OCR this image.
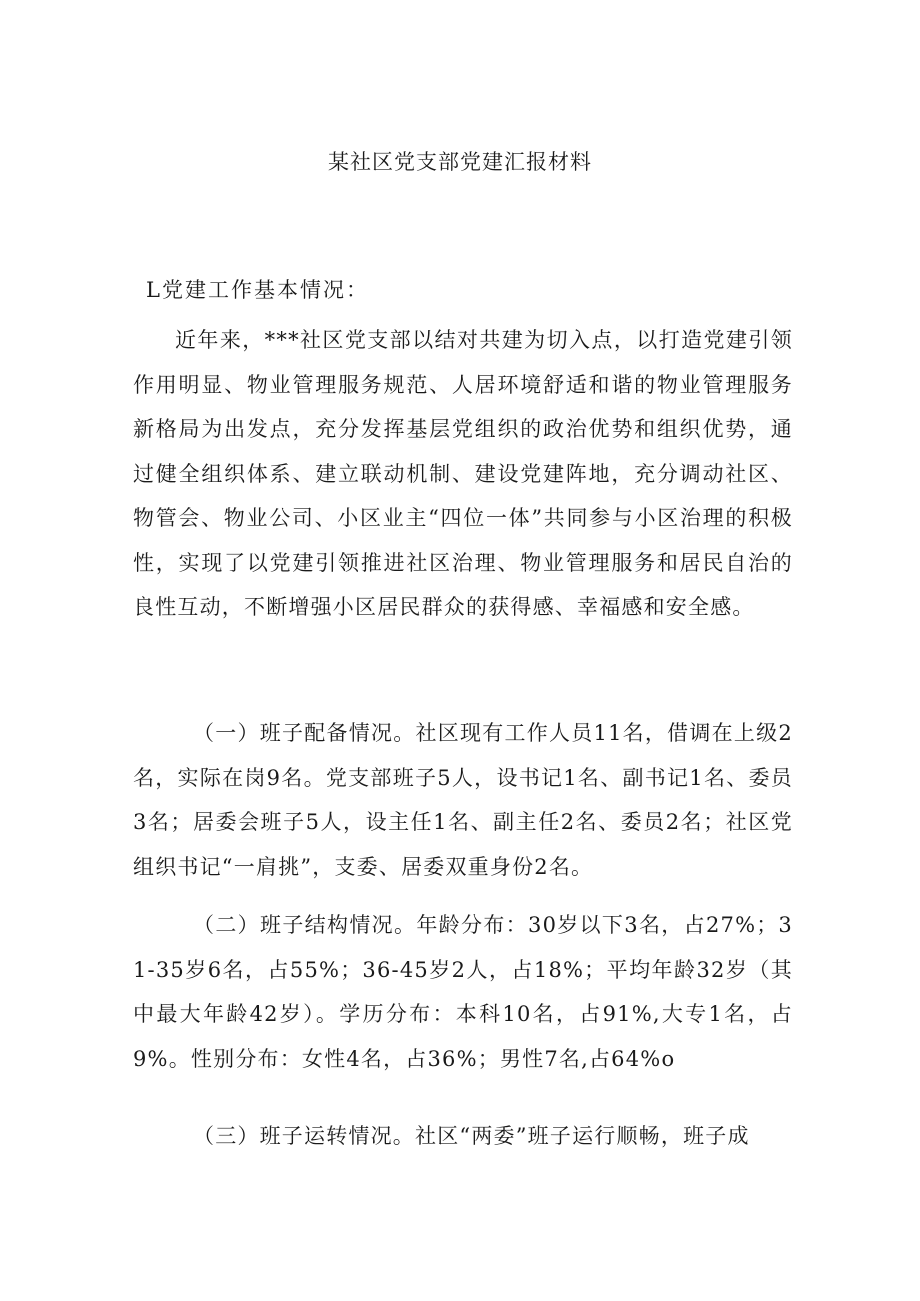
某社区党支部党建汇报材料
L党建工作基本情况：

近年来，***社区党支部以结对共建为切入点，以打造党建引领作用明显、物业管理服务规范、人居环境舒适和谐的物业管理服务新格局为出发点，充分发挥基层党组织的政治优势和组织优势，通过健全组织体系、建立联动机制、建设党建阵地，充分调动社区、物管会、物业公司、小区业主“四位一体”共同参与小区治理的积极性，实现了以党建引领推进社区治理、物业管理服务和居民自治的良性互动，不断增强小区居民群众的获得感、幸福感和安全感。

（一）班子配备情况。社区现有工作人员11名，借调在上级2名，实际在岗9名。党支部班子5人，设书记1名、副书记1名、委员3名；居委会班子5人，设主任1名、副主任2名、委员2名；社区党组织书记“一肩挑”，支委、居委双重身份2名。

（二）班子结构情况。年龄分布：30岁以下3名，占27%；31-35岁6名，占55%；36-45岁2人，占18%；平均年龄32岁（其中最大年龄42岁）。学历分布：本科10名，占91%,大专1名，占9%。性别分布：女性4名，占36%；男性7名,占64%o

（三）班子运转情况。社区“两委”班子运行顺畅，班子成
